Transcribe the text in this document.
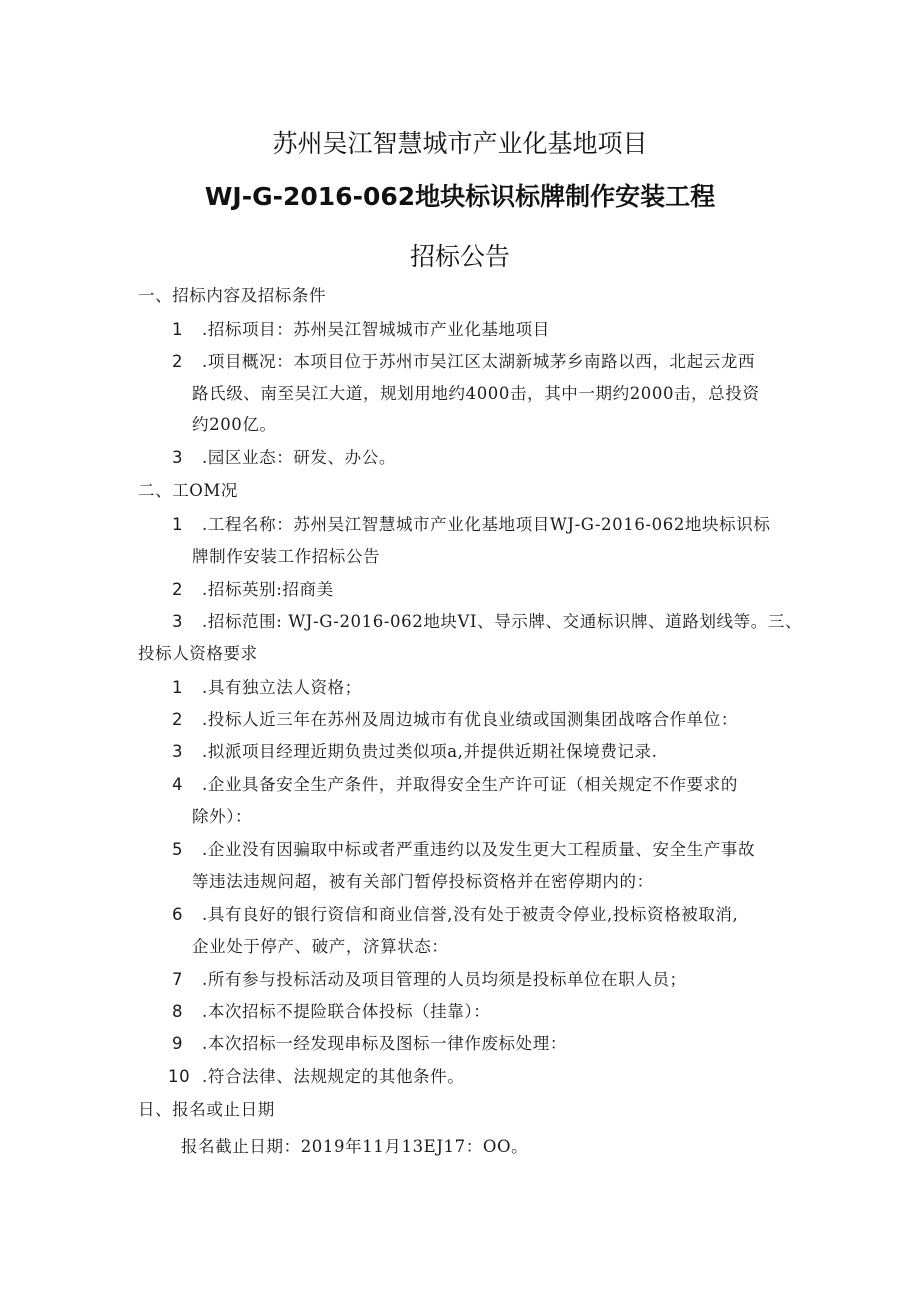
苏州吴江智慧城市产业化基地项目
WJ-G-2016-062地块标识标牌制作安装工程
招标公告
一、招标内容及招标条件
1 .招标项目：苏州吴江智城城市产业化基地项目
2 .项目概况：本项目位于苏州市吴江区太湖新城茅乡南路以西，北起云龙西
路氏级、南至吴江大道，规划用地约4000击，其中一期约2000击，总投资
约200亿。
3 .园区业态：研发、办公。
二、工OM况
1 .工程名称：苏州吴江智慧城市产业化基地项目WJ-G-2016-062地块标识标
牌制作安装工作招标公告
2 .招标英别:招商美
3 .招标范围: WJ-G-2016-062地块VI、导示牌、交通标识牌、道路划线等。三、
投标人资格要求
1 .具有独立法人资格；
2 .投标人近三年在苏州及周边城市有优良业绩或国测集团战喀合作单位：
3 .拟派项目经理近期负贵过类似项a,并提供近期社保境费记录.
4 .企业具备安全生产条件，并取得安全生产许可证（相关规定不作要求的
除外）：
5 .企业没有因骗取中标或者严重违约以及发生更大工程质量、安全生产事故
等违法违规问超，被有关部门暂停投标资格并在密停期内的：
6 .具有良好的银行资信和商业信誉,没有处于被责令停业,投标资格被取消,
企业处于停产、破产，济算状态：
7 .所有参与投标活动及项目管理的人员均须是投标单位在职人员；
8 .本次招标不提险联合体投标（挂靠）：
9 .本次招标一经发现串标及图标一律作废标处理：
10 .符合法律、法规规定的其他条件。
日、报名或止日期
报名截止日期：2019年11月13EJ17：OO。
